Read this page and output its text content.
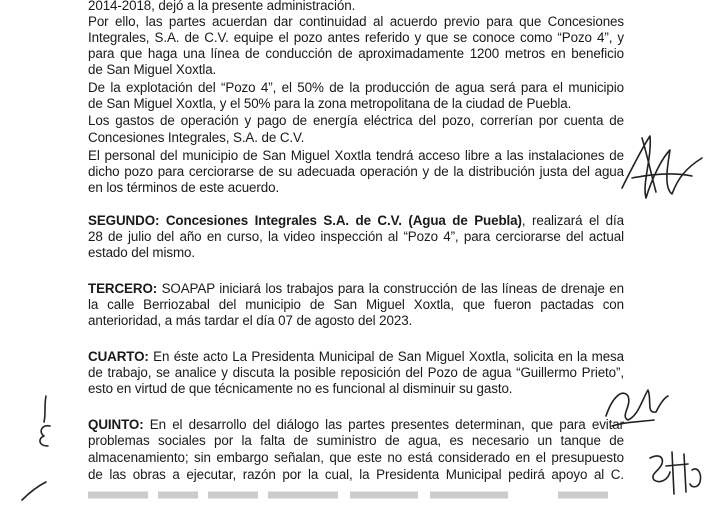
2014-2018, dejó a la presente administración.
Por ello, las partes acuerdan dar continuidad al acuerdo previo para que Concesiones
Integrales, S.A. de C.V. equipe el pozo antes referido y que se conoce como “Pozo 4”, y
para que haga una línea de conducción de aproximadamente 1200 metros en beneficio
de San Miguel Xoxtla.
De la explotación del “Pozo 4”, el 50% de la producción de agua será para el municipio
de San Miguel Xoxtla, y el 50% para la zona metropolitana de la ciudad de Puebla.
Los gastos de operación y pago de energía eléctrica del pozo, correrían por cuenta de
Concesiones Integrales, S.A. de C.V.
El personal del municipio de San Miguel Xoxtla tendrá acceso libre a las instalaciones de
dicho pozo para cerciorarse de su adecuada operación y de la distribución justa del agua
en los términos de este acuerdo.
SEGUNDO: Concesiones Integrales S.A. de C.V. (Agua de Puebla), realizará el día
28 de julio del año en curso, la video inspección al “Pozo 4”, para cerciorarse del actual
estado del mismo.
TERCERO: SOAPAP iniciará los trabajos para la construcción de las líneas de drenaje en
la calle Berriozabal del municipio de San Miguel Xoxtla, que fueron pactadas con
anterioridad, a más tardar el día 07 de agosto del 2023.
CUARTO: En éste acto La Presidenta Municipal de San Miguel Xoxtla, solicita en la mesa
de trabajo, se analice y discuta la posible reposición del Pozo de agua “Guillermo Prieto”,
esto en virtud de que técnicamente no es funcional al disminuir su gasto.
QUINTO: En el desarrollo del diálogo las partes presentes determinan, que para evitar
problemas sociales por la falta de suministro de agua, es necesario un tanque de
almacenamiento; sin embargo señalan, que este no está considerado en el presupuesto
de las obras a ejecutar, razón por la cual, la Presidenta Municipal pedirá apoyo al C.
